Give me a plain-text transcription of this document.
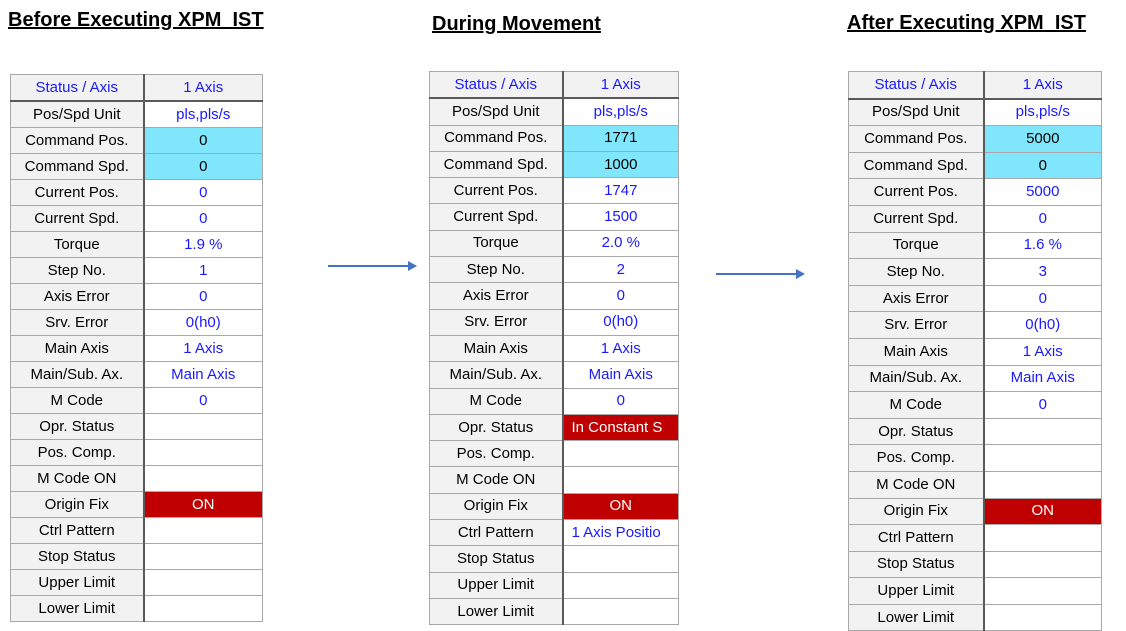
Before Executing XPM_IST	During Movement	After Executing XPM_IST
Status / Axis	1 Axis
Pos/Spd Unit	pls,pls/s
Command Pos.	0
Command Spd.	0
Current Pos.	0
Current Spd.	0
Torque	1.9 %
Step No.	1
Axis Error	0
Srv. Error	0(h0)
Main Axis	1 Axis
Main/Sub. Ax.	Main Axis
M Code	0
Opr. Status	
Pos. Comp.	
M Code ON	
Origin Fix	ON
Ctrl Pattern	
Stop Status	
Upper Limit	
Lower Limit	
Status / Axis	1 Axis
Pos/Spd Unit	pls,pls/s
Command Pos.	1771
Command Spd.	1000
Current Pos.	1747
Current Spd.	1500
Torque	2.0 %
Step No.	2
Axis Error	0
Srv. Error	0(h0)
Main Axis	1 Axis
Main/Sub. Ax.	Main Axis
M Code	0
Opr. Status	In Constant S
Pos. Comp.	
M Code ON	
Origin Fix	ON
Ctrl Pattern	1 Axis Positio
Stop Status	
Upper Limit	
Lower Limit	
Status / Axis	1 Axis
Pos/Spd Unit	pls,pls/s
Command Pos.	5000
Command Spd.	0
Current Pos.	5000
Current Spd.	0
Torque	1.6 %
Step No.	3
Axis Error	0
Srv. Error	0(h0)
Main Axis	1 Axis
Main/Sub. Ax.	Main Axis
M Code	0
Opr. Status	
Pos. Comp.	
M Code ON	
Origin Fix	ON
Ctrl Pattern	
Stop Status	
Upper Limit	
Lower Limit	
